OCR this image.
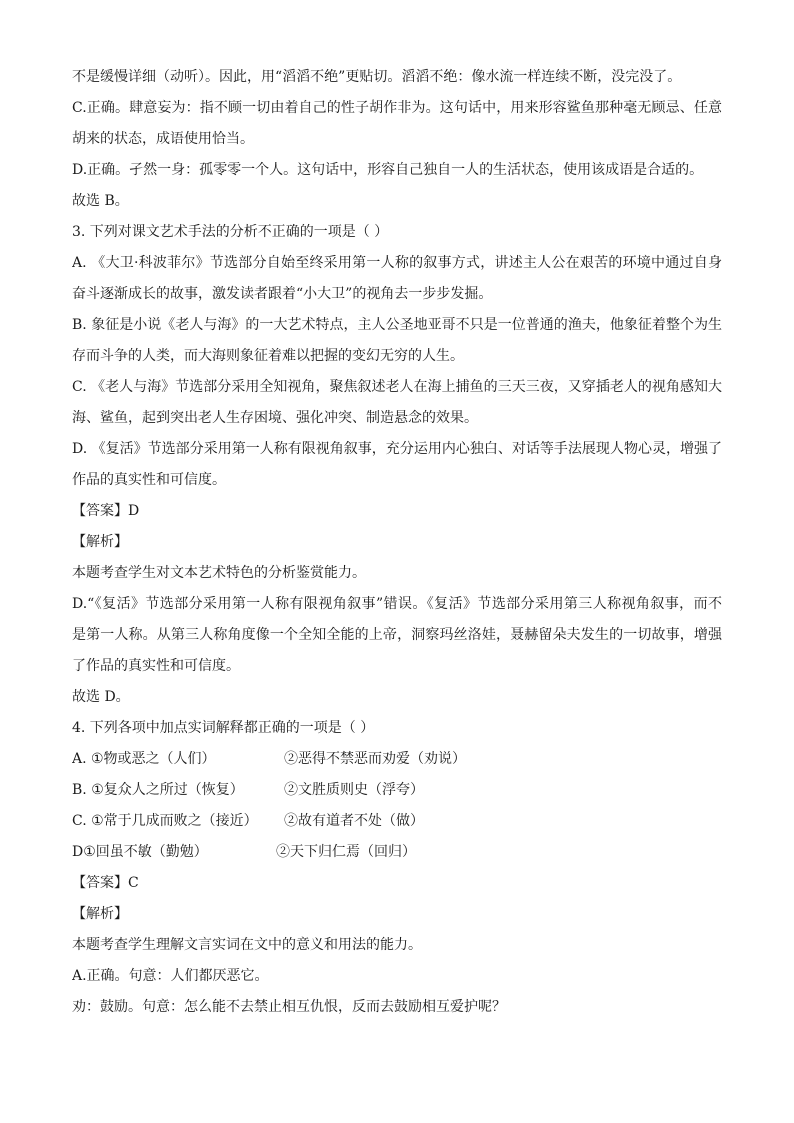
不是缓慢详细（动听）。因此，用“滔滔不绝”更贴切。滔滔不绝：像水流一样连续不断，没完没了。
C.正确。肆意妄为：指不顾一切由着自己的性子胡作非为。这句话中，用来形容鲨鱼那种毫无顾忌、任意
胡来的状态，成语使用恰当。
D.正确。孑然一身：孤零零一个人。这句话中，形容自己独自一人的生活状态，使用该成语是合适的。
故选 B。
3. 下列对课文艺术手法的分析不正确的一项是（ ）
A. 《大卫·科波菲尔》节选部分自始至终采用第一人称的叙事方式，讲述主人公在艰苦的环境中通过自身
奋斗逐渐成长的故事，激发读者跟着“小大卫”的视角去一步步发掘。
B. 象征是小说《老人与海》的一大艺术特点，主人公圣地亚哥不只是一位普通的渔夫，他象征着整个为生
存而斗争的人类，而大海则象征着难以把握的变幻无穷的人生。
C. 《老人与海》节选部分采用全知视角，聚焦叙述老人在海上捕鱼的三天三夜，又穿插老人的视角感知大
海、鲨鱼，起到突出老人生存困境、强化冲突、制造悬念的效果。
D. 《复活》节选部分采用第一人称有限视角叙事，充分运用内心独白、对话等手法展现人物心灵，增强了
作品的真实性和可信度。
【答案】D
【解析】
本题考查学生对文本艺术特色的分析鉴赏能力。
D.“《复活》节选部分采用第一人称有限视角叙事”错误。《复活》节选部分采用第三人称视角叙事，而不
是第一人称。从第三人称角度像一个全知全能的上帝，洞察玛丝洛娃，聂赫留朵夫发生的一切故事，增强
了作品的真实性和可信度。
故选 D。
4. 下列各项中加点实词解释都正确的一项是（ ）
A. ①物或恶之（人们）	②恶得不禁恶而劝爱（劝说）
B. ①复众人之所过（恢复）	②文胜质则史（浮夸）
C. ①常于几成而败之（接近） ②故有道者不处（做）
D①回虽不敏（勤勉）	②天下归仁焉（回归）
【答案】C
【解析】
本题考查学生理解文言实词在文中的意义和用法的能力。
A.正确。句意：人们都厌恶它。
劝：鼓励。句意：怎么能不去禁止相互仇恨，反而去鼓励相互爱护呢？
